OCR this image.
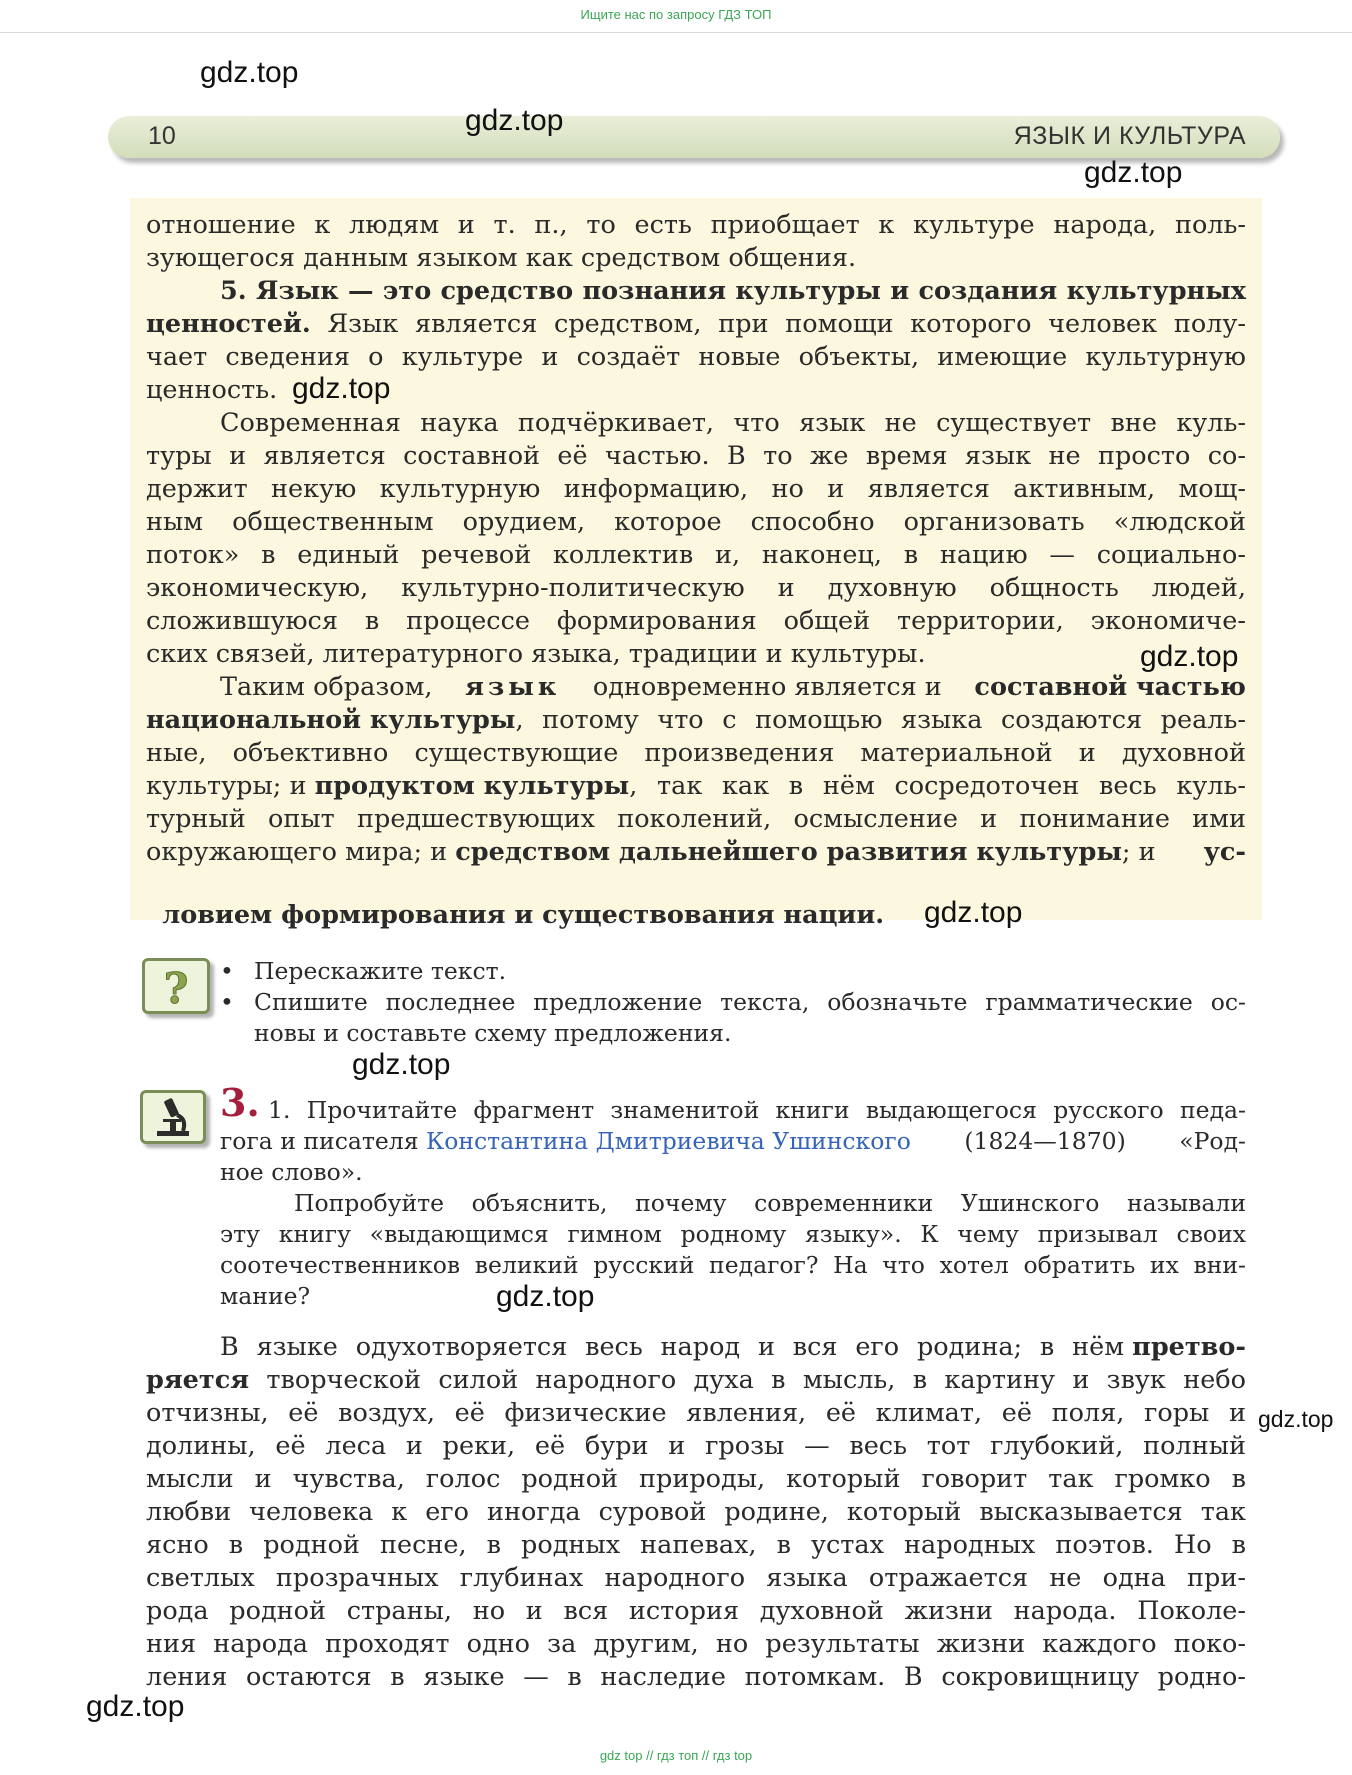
Ищите нас по запросу ГДЗ ТОП
10	ЯЗЫК И КУЛЬТУРА
отношение к людям и т. п., то есть приобщает к культуре народа, поль-
зующегося данным языком как средством общения.
5. Язык — это средство познания культуры и создания культурных
ценностей. Язык является средством, при помощи которого человек полу-
чает сведения о культуре и создаёт новые объекты, имеющие культурную
ценность.
Современная наука подчёркивает, что язык не существует вне куль-
туры и является составной её частью. В то же время язык не просто со-
держит некую культурную информацию, но и является активным, мощ-
ным общественным орудием, которое способно организовать «людской
поток» в единый речевой коллектив и, наконец, в нацию — социально-
экономическую, культурно-политическую и духовную общность людей,
сложившуюся в процессе формирования общей территории, экономиче-
ских связей, литературного языка, традиции и культуры.
Таким образом, язык одновременно является и составной частью
национальной культуры , потому что с помощью языка создаются реаль-
ные, объективно существующие произведения материальной и духовной
культуры; и продуктом культуры , так как в нём сосредоточен весь куль-
турный опыт предшествующих поколений, осмысление и понимание ими
окружающего мира; и средством дальнейшего развития культуры ; и	ус-

ловием формирования и существования нации.

? • Перескажите текст.
• Спишите последнее предложение текста, обозначьте грамматические ос-
новы и составьте схему предложения.
3. 1. Прочитайте фрагмент знаменитой книги выдающегося русского педа-
гога и писателя Константина Дмитриевича Ушинского (1824—1870) «Род-
ное слово».
Попробуйте объяснить, почему современники Ушинского называли
эту книгу «выдающимся гимном родному языку». К чему призывал своих
соотечественников великий русский педагог? На что хотел обратить их вни-
мание?
В языке одухотворяется весь народ и вся его родина; в нём претво-
ряется творческой силой народного духа в мысль, в картину и звук небо
отчизны, её воздух, её физические явления, её климат, её поля, горы и
долины, её леса и реки, её бури и грозы — весь тот глубокий, полный
мысли и чувства, голос родной природы, который говорит так громко в
любви человека к его иногда суровой родине, который высказывается так
ясно в родной песне, в родных напевах, в устах народных поэтов. Но в
светлых прозрачных глубинах народного языка отражается не одна при-
рода родной страны, но и вся история духовной жизни народа. Поколе-
ния народа проходят одно за другим, но результаты жизни каждого поко-
ления остаются в языке — в наследие потомкам. В сокровищницу родно-
gdz.top
gdz.top
gdz.top
gdz.top
gdz.top
gdz.top
gdz.top
gdz.top
gdz.top
gdz.top
gdz top // гдз топ // гдз top
